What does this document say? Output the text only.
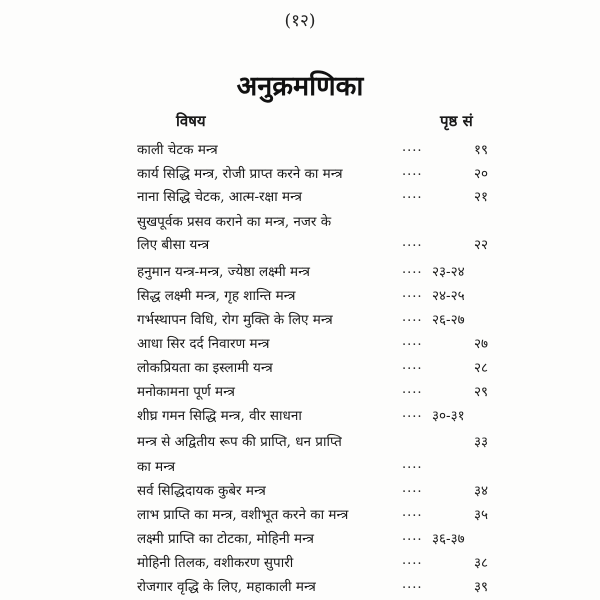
(१२)
अनुक्रमणिका
विषय	पृष्ठ सं
काली चेटक मन्त्र	....	१९
कार्य सिद्धि मन्त्र, रोजी प्राप्त करने का मन्त्र	....	२०
नाना सिद्धि चेटक, आत्म-रक्षा मन्त्र	....	२१
सुखपूर्वक प्रसव कराने का मन्त्र, नजर के
लिए बीसा यन्त्र	....	२२
हनुमान यन्त्र-मन्त्र, ज्येष्ठा लक्ष्मी मन्त्र	.... २३-२४
सिद्ध लक्ष्मी मन्त्र, गृह शान्ति मन्त्र	.... २४-२५
गर्भस्थापन विधि, रोग मुक्ति के लिए मन्त्र	.... २६-२७
आधा सिर दर्द निवारण मन्त्र	....	२७
लोकप्रियता का इस्लामी यन्त्र	....	२८
मनोकामना पूर्ण मन्त्र	....	२९
शीघ्र गमन सिद्धि मन्त्र, वीर साधना	.... ३०-३१
मन्त्र से अद्वितीय रूप की प्राप्ति, धन प्राप्ति	३३
का मन्त्र	....
सर्व सिद्धिदायक कुबेर मन्त्र	....	३४
लाभ प्राप्ति का मन्त्र, वशीभूत करने का मन्त्र	....	३५
लक्ष्मी प्राप्ति का टोटका, मोहिनी मन्त्र	.... ३६-३७
मोहिनी तिलक, वशीकरण सुपारी	....	३८
रोजगार वृद्धि के लिए, महाकाली मन्त्र	....	३९
